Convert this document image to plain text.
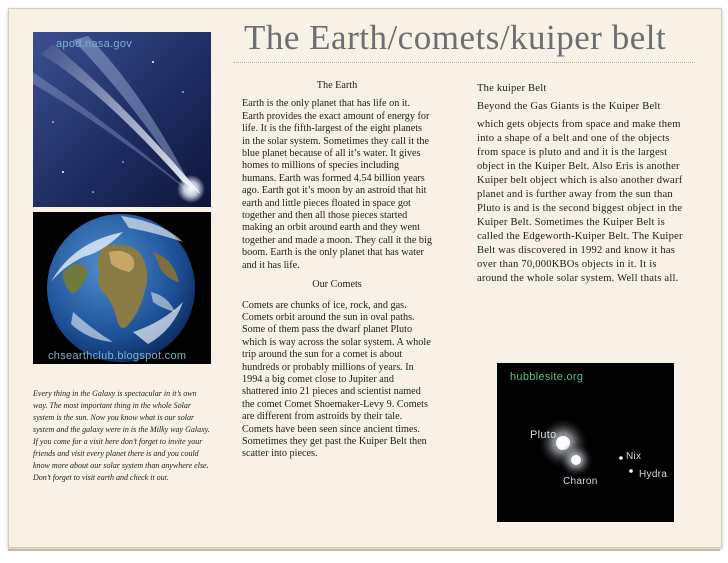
The Earth/comets/kuiper belt
apod.nasa.gov
chsearthclub.blogspot.com
Every thing in the Galaxy is spectacular in it’s own way. The most important thing in the whole Solar system is the sun. Now you know what is our solar system and the galaxy were in is the Milky way Galaxy. If you come for a visit here don’t forget to invite your friends and visit every planet there is and you could know more about our solar system than anywhere else. Don’t forget to visit earth and check it out.

The Earth

Earth is the only planet that has life on it. Earth provides the exact amount of energy for life. It is the fifth-largest of the eight planets in the solar system. Sometimes they call it the blue planet because of all it’s water. It gives homes to millions of species including humans. Earth was formed 4.54 billion years ago. Earth got it’s moon by an astroid that hit earth and little pieces floated in space got together and then all those pieces started making an orbit around earth and they went together and made a moon. They call it the big boom. Earth is the only planet that has water and it has life.

Our Comets

Comets are chunks of ice, rock, and gas. Comets orbit around the sun in oval paths. Some of them pass the dwarf planet Pluto which is way across the solar system. A whole trip around the sun for a comet is about hundreds or probably millions of years. In 1994 a big comet close to Jupiter and shattered into 21 pieces and scientist named the comet Comet Shoemaker-Levy 9. Comets are different from astroids by their tale. Comets have been seen since ancient times. Sometimes they get past the Kuiper Belt then scatter into pieces.

The kuiper Belt

Beyond the Gas Giants is the Kuiper Belt

which gets objects from space and make them into a shape of a belt and one of the objects from space is pluto and and it is the largest object in the Kuiper Belt. Also Eris is another Kuiper belt object which is also another dwarf planet and is further away from the sun than Pluto is and is the second biggest object in the Kuiper Belt. Sometimes the Kuiper Belt is called the Edgeworth-Kuiper Belt. The Kuiper Belt was discovered in 1992 and know it has over than 70,000KBOs objects in it. It is around the whole solar system. Well thats all.

hubblesite.org
Pluto
Nix
Hydra
Charon
